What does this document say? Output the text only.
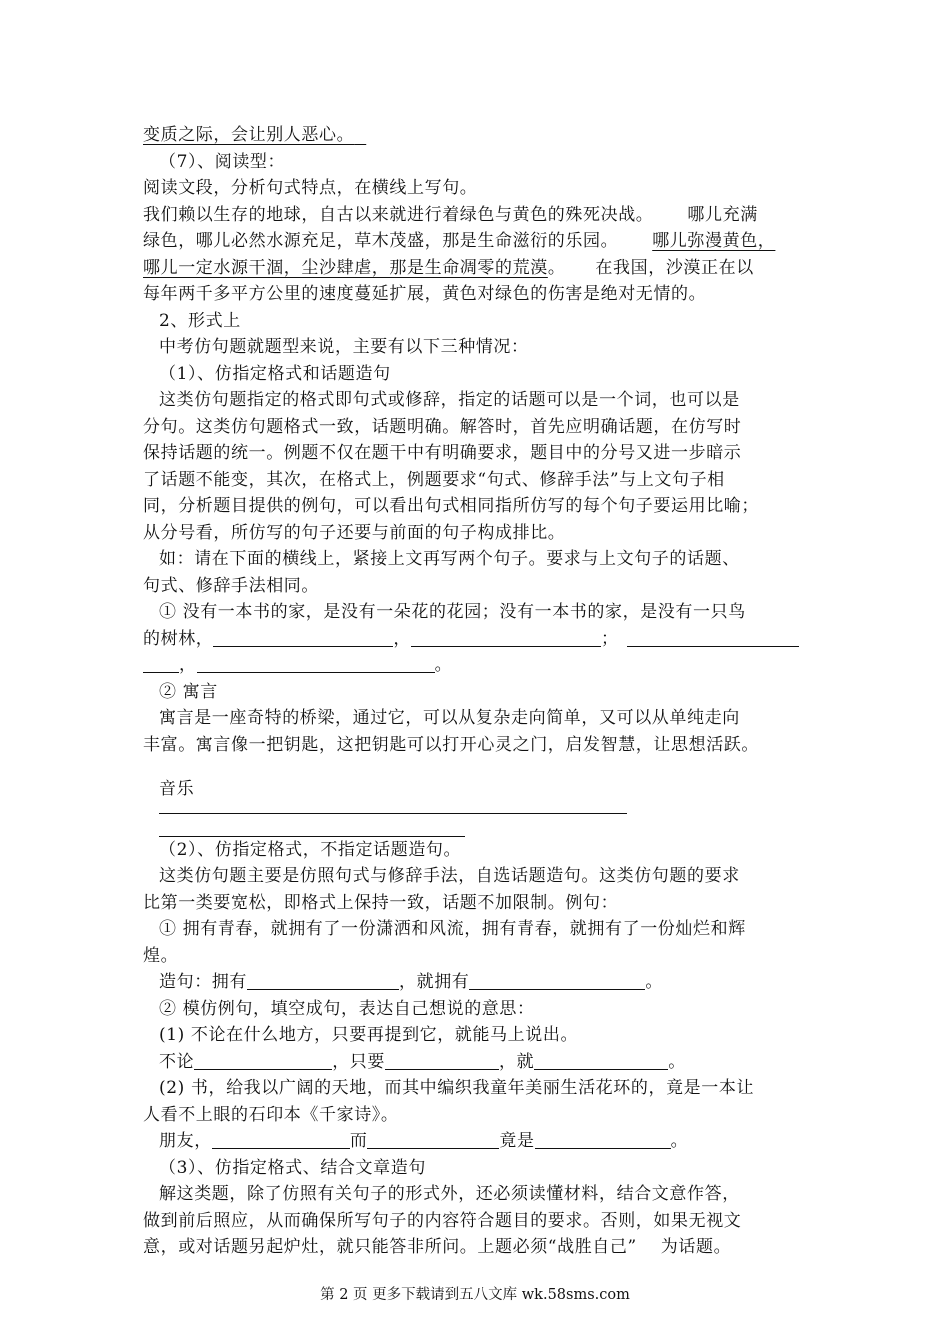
变质之际，会让别人恶心。
（7）、阅读型：
阅读文段，分析句式特点，在横线上写句。
我们赖以生存的地球，自古以来就进行着绿色与黄色的殊死决战。 哪儿充满
绿色，哪儿必然水源充足，草木茂盛，那是生命滋衍的乐园。 哪儿弥漫黄色，
哪儿一定水源干涸，尘沙肆虐，那是生命凋零的荒漠。 在我国，沙漠正在以
每年两千多平方公里的速度蔓延扩展，黄色对绿色的伤害是绝对无情的。
2、形式上
中考仿句题就题型来说，主要有以下三种情况：
（1）、仿指定格式和话题造句
这类仿句题指定的格式即句式或修辞，指定的话题可以是一个词，也可以是
分句。这类仿句题格式一致，话题明确。解答时，首先应明确话题，在仿写时
保持话题的统一。例题不仅在题干中有明确要求，题目中的分号又进一步暗示
了话题不能变，其次，在格式上，例题要求“句式、修辞手法”与上文句子相
同，分析题目提供的例句，可以看出句式相同指所仿写的每个句子要运用比喻；
从分号看，所仿写的句子还要与前面的句子构成排比。
如：请在下面的横线上，紧接上文再写两个句子。要求与上文句子的话题、
句式、修辞手法相同。
① 没有一本书的家，是没有一朵花的花园；没有一本书的家，是没有一只鸟
的树林，	，	；
，	。
② 寓言
寓言是一座奇特的桥梁，通过它，可以从复杂走向简单，又可以从单纯走向
丰富。寓言像一把钥匙，这把钥匙可以打开心灵之门，启发智慧，让思想活跃。
音乐
（2）、仿指定格式，不指定话题造句。
这类仿句题主要是仿照句式与修辞手法，自选话题造句。这类仿句题的要求
比第一类要宽松，即格式上保持一致，话题不加限制。例句：
① 拥有青春，就拥有了一份潇洒和风流，拥有青春，就拥有了一份灿烂和辉
煌。
造句：拥有	，就拥有	。
② 模仿例句，填空成句，表达自己想说的意思：
(1) 不论在什么地方，只要再提到它，就能马上说出。
不论	，只要	，就	。
(2) 书，给我以广阔的天地，而其中编织我童年美丽生活花环的，竟是一本让
人看不上眼的石印本《千家诗》。
朋友，	而	竟是	。
（3）、仿指定格式、结合文章造句
解这类题，除了仿照有关句子的形式外，还必须读懂材料，结合文意作答，
做到前后照应，从而确保所写句子的内容符合题目的要求。否则，如果无视文
意，或对话题另起炉灶，就只能答非所问。上题必须“战胜自己” 为话题。
第 2 页 更多下载请到五八文库 wk.58sms.com
